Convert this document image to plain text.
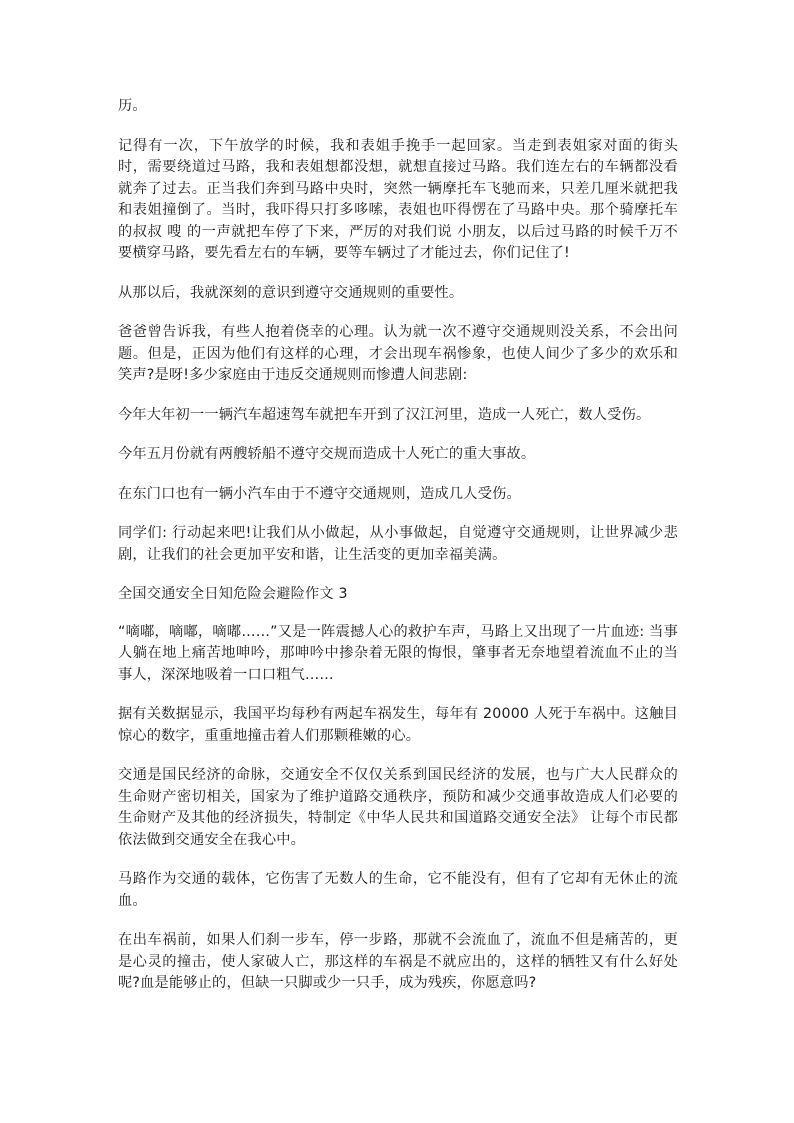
历。

记得有一次，下午放学的时候，我和表姐手挽手一起回家。当走到表姐家对面的街头时，需要绕道过马路，我和表姐想都没想，就想直接过马路。我们连左右的车辆都没看就奔了过去。正当我们奔到马路中央时，突然一辆摩托车飞驰而来，只差几厘米就把我和表姐撞倒了。当时，我吓得只打多哆嗦，表姐也吓得愣在了马路中央。那个骑摩托车的叔叔 嗖 的一声就把车停了下来，严厉的对我们说 小朋友，以后过马路的时候千万不要横穿马路，要先看左右的车辆，要等车辆过了才能过去，你们记住了!

从那以后，我就深刻的意识到遵守交通规则的重要性。

爸爸曾告诉我，有些人抱着侥幸的心理。认为就一次不遵守交通规则没关系，不会出问题。但是，正因为他们有这样的心理，才会出现车祸惨象，也使人间少了多少的欢乐和笑声?是呀!多少家庭由于违反交通规则而惨遭人间悲剧:

今年大年初一一辆汽车超速驾车就把车开到了汉江河里，造成一人死亡，数人受伤。

今年五月份就有两艘轿船不遵守交规而造成十人死亡的重大事故。

在东门口也有一辆小汽车由于不遵守交通规则，造成几人受伤。

同学们: 行动起来吧!让我们从小做起，从小事做起，自觉遵守交通规则，让世界减少悲剧，让我们的社会更加平安和谐，让生活变的更加幸福美满。

全国交通安全日知危险会避险作文 3

“嘀嘟，嘀嘟，嘀嘟……”又是一阵震撼人心的救护车声，马路上又出现了一片血迹: 当事人躺在地上痛苦地呻吟，那呻吟中掺杂着无限的悔恨，肇事者无奈地望着流血不止的当事人，深深地吸着一口口粗气……

据有关数据显示，我国平均每秒有两起车祸发生，每年有 20000 人死于车祸中。这触目惊心的数字，重重地撞击着人们那颗稚嫩的心。

交通是国民经济的命脉，交通安全不仅仅关系到国民经济的发展，也与广大人民群众的生命财产密切相关，国家为了维护道路交通秩序，预防和减少交通事故造成人们必要的生命财产及其他的经济损失，特制定《中华人民共和国道路交通安全法》 让每个市民都依法做到交通安全在我心中。

马路作为交通的载体，它伤害了无数人的生命，它不能没有，但有了它却有无休止的流血。

在出车祸前，如果人们刹一步车，停一步路，那就不会流血了，流血不但是痛苦的，更是心灵的撞击，使人家破人亡，那这样的车祸是不就应出的，这样的牺牲又有什么好处呢?血是能够止的，但缺一只脚或少一只手，成为残疾，你愿意吗?
